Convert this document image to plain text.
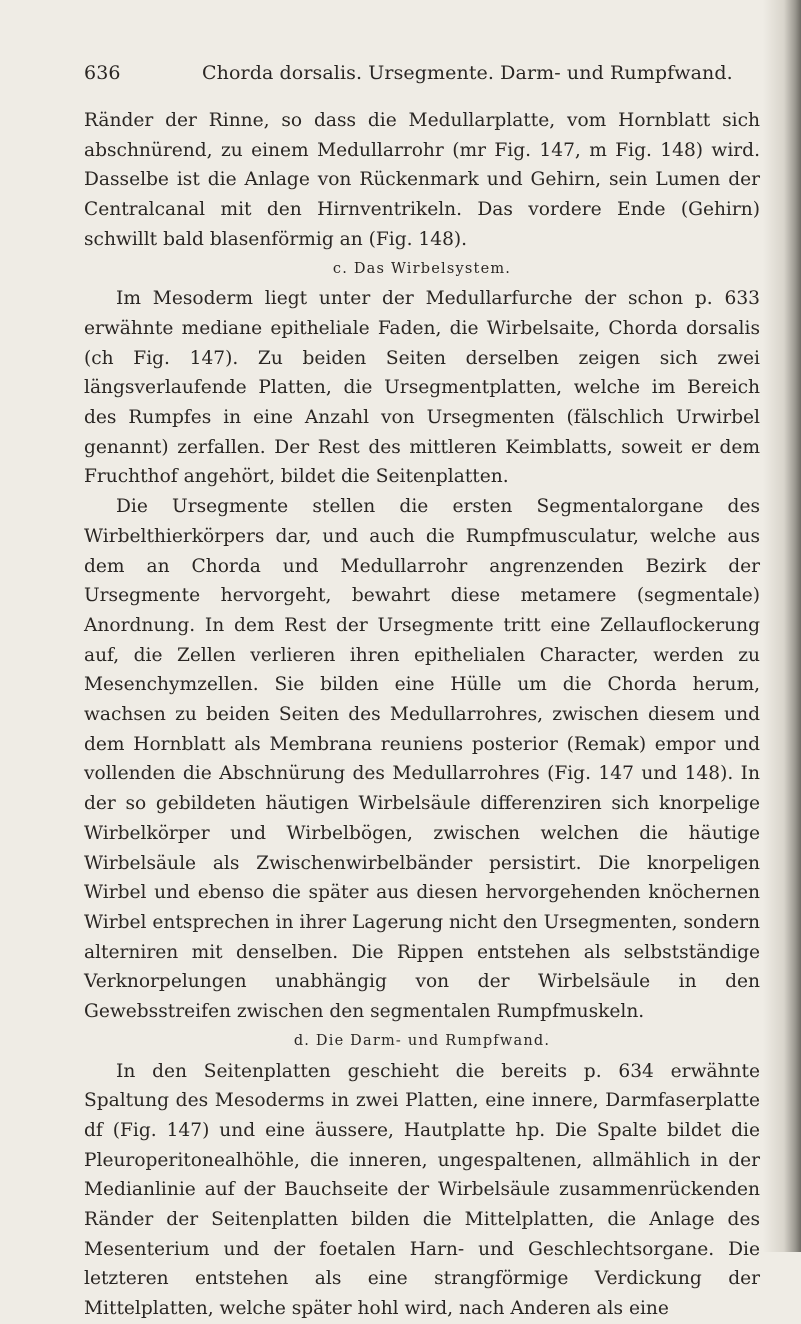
636	Chorda dorsalis. Ursegmente. Darm- und Rumpfwand.

Ränder der Rinne, so dass die Medullarplatte, vom Hornblatt sich abschnürend, zu einem Medullarrohr (mr Fig. 147, m Fig. 148) wird. Dasselbe ist die Anlage von Rückenmark und Gehirn, sein Lumen der Centralcanal mit den Hirnventrikeln. Das vordere Ende (Gehirn) schwillt bald blasenförmig an (Fig. 148).

c. Das Wirbelsystem.

Im Mesoderm liegt unter der Medullarfurche der schon p. 633 erwähnte mediane epitheliale Faden, die Wirbelsaite, Chorda dorsalis (ch Fig. 147). Zu beiden Seiten derselben zeigen sich zwei längsverlaufende Platten, die Ursegmentplatten, welche im Bereich des Rumpfes in eine Anzahl von Ursegmenten (fälschlich Urwirbel genannt) zerfallen. Der Rest des mittleren Keimblatts, soweit er dem Fruchthof angehört, bildet die Seitenplatten.

Die Ursegmente stellen die ersten Segmentalorgane des Wirbelthierkörpers dar, und auch die Rumpfmusculatur, welche aus dem an Chorda und Medullarrohr angrenzenden Bezirk der Ursegmente hervorgeht, bewahrt diese metamere (segmentale) Anordnung. In dem Rest der Ursegmente tritt eine Zellauflockerung auf, die Zellen verlieren ihren epithelialen Character, werden zu Mesenchymzellen. Sie bilden eine Hülle um die Chorda herum, wachsen zu beiden Seiten des Medullarrohres, zwischen diesem und dem Hornblatt als Membrana reuniens posterior (Remak) empor und vollenden die Abschnürung des Medullarrohres (Fig. 147 und 148). In der so gebildeten häutigen Wirbelsäule differenziren sich knorpelige Wirbelkörper und Wirbelbögen, zwischen welchen die häutige Wirbelsäule als Zwischenwirbelbänder persistirt. Die knorpeligen Wirbel und ebenso die später aus diesen hervorgehenden knöchernen Wirbel entsprechen in ihrer Lagerung nicht den Ursegmenten, sondern alterniren mit denselben. Die Rippen entstehen als selbstständige Verknorpelungen unabhängig von der Wirbelsäule in den Gewebsstreifen zwischen den segmentalen Rumpfmuskeln.

d. Die Darm- und Rumpfwand.

In den Seitenplatten geschieht die bereits p. 634 erwähnte Spaltung des Mesoderms in zwei Platten, eine innere, Darmfaserplatte df (Fig. 147) und eine äussere, Hautplatte hp. Die Spalte bildet die Pleuroperitonealhöhle, die inneren, ungespaltenen, allmählich in der Medianlinie auf der Bauchseite der Wirbelsäule zusammenrückenden Ränder der Seitenplatten bilden die Mittelplatten, die Anlage des Mesenterium und der foetalen Harn- und Geschlechtsorgane. Die letzteren entstehen als eine strangförmige Verdickung der Mittelplatten, welche später hohl wird, nach Anderen als eine
